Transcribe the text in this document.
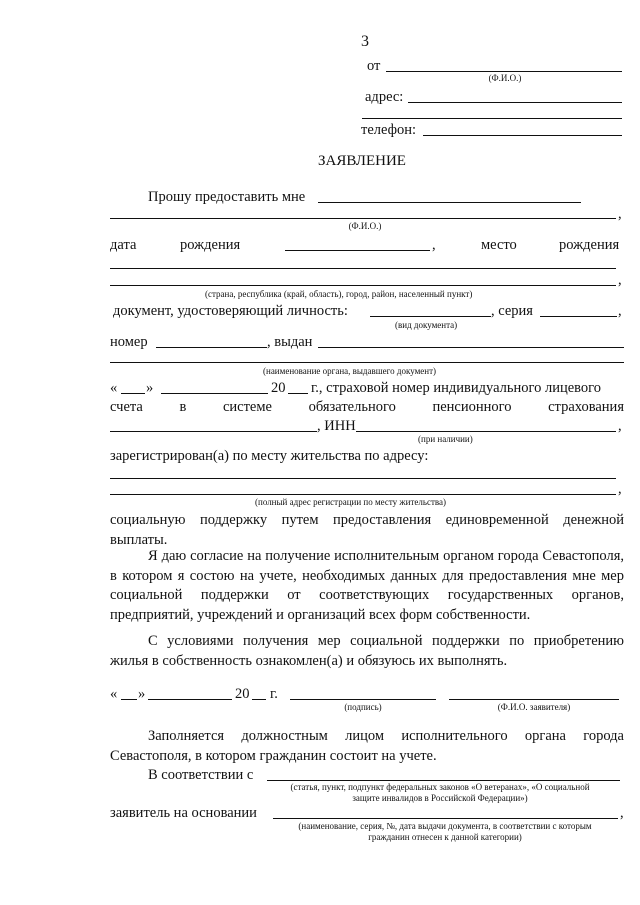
3
от
(Ф.И.О.)
адрес:
телефон:
ЗАЯВЛЕНИЕ
Прошу предоставить мне
,
(Ф.И.О.)
дата	рождения	,	место	рождения
,
(страна, республика (край, область), город, район, населенный пункт)
документ, удостоверяющий личность:	, серия	,
(вид документа)
номер	, выдан
(наименование органа, выдавшего документ)
« »	20 г., страховой номер индивидуального лицевого
счета	в	системе	обязательного	пенсионного	страхования
, ИНН	,
(при наличии)
зарегистрирован(а) по месту жительства по адресу:
,
(полный адрес регистрации по месту жительства)
социальную поддержку путем предоставления единовременной денежной выплаты.
Я даю согласие на получение исполнительным органом города Севастополя, в котором я состою на учете, необходимых данных для предоставления мне мер социальной поддержки от соответствующих государственных органов, предприятий, учреждений и организаций всех форм собственности.
С условиями получения мер социальной поддержки по приобретению жилья в собственность ознакомлен(а) и обязуюсь их выполнять.
« »	20 г.
(подпись)	(Ф.И.О. заявителя)
Заполняется должностным лицом исполнительного органа города Севастополя, в котором гражданин состоит на учете.
В соответствии с
(статья, пункт, подпункт федеральных законов «О ветеранах», «О социальной
защите инвалидов в Российской Федерации»)
заявитель на основании	,
(наименование, серия, №, дата выдачи документа, в соответствии с которым
гражданин отнесен к данной категории)
